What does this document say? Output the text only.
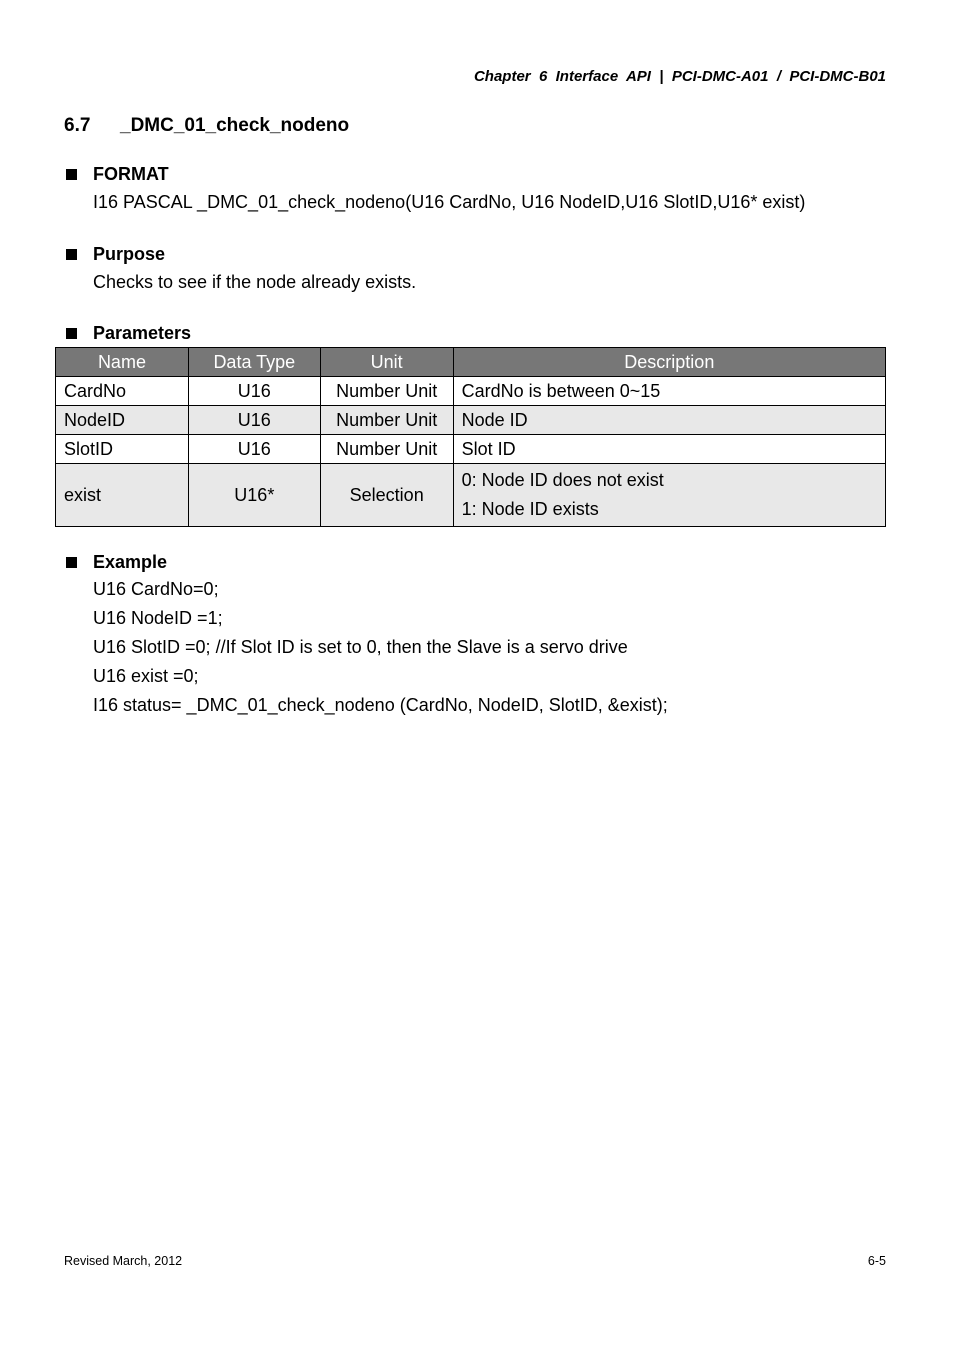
Chapter  6  Interface  API  |  PCI-DMC-A01  /  PCI-DMC-B01
6.7 _DMC_01_check_nodeno
FORMAT
I16 PASCAL _DMC_01_check_nodeno(U16 CardNo, U16 NodeID,U16 SlotID,U16* exist)
Purpose
Checks to see if the node already exists.
Parameters
Name	Data Type	Unit	Description
CardNo	U16	Number Unit	CardNo is between 0~15
NodeID	U16	Number Unit	Node ID
SlotID	U16	Number Unit	Slot ID
exist	U16*	Selection	0: Node ID does not exist
1: Node ID exists
Example
U16 CardNo=0;
U16 NodeID =1;
U16 SlotID =0; //If Slot ID is set to 0, then the Slave is a servo drive
U16 exist =0;
I16 status= _DMC_01_check_nodeno (CardNo, NodeID, SlotID, &exist);
Revised March, 2012	6-5
